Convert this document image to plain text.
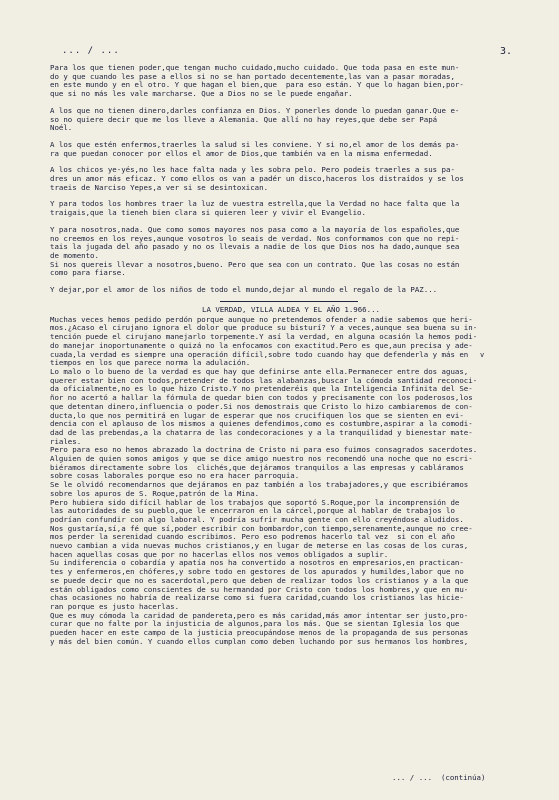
... / ...	3.

Para los que tienen poder,que tengan mucho cuidado,mucho cuidado. Que toda pasa en este mun-
do y que cuando les pase a ellos si no se han portado decentemente,las van a pasar moradas,
en este mundo y en el otro. Y que hagan el bien,que  para eso están. Y que lo hagan bien,por-
que si no más les vale marcharse. Que a Dios no se le puede engañar.

A los que no tienen dinero,darles confianza en Dios. Y ponerles donde lo puedan ganar.Que e-
so no quiere decir que me los lleve a Alemania. Que allí no hay reyes,que debe ser Papá
Noél.

A los que estén enfermos,traerles la salud si les conviene. Y si no,el amor de los demás pa-
ra que puedan conocer por ellos el amor de Dios,que también va en la misma enfermedad.

A los chicos ye-yés,no les hace falta nada y les sobra pelo. Pero podeis traerles a sus pa-
dres un amor más eficaz. Y como ellos os van a padér un disco,haceros los distraídos y se los
traeis de Narciso Yepes,a ver si se desintoxican.

Y para todos los hombres traer la luz de vuestra estrella,que la Verdad no hace falta que la
traigais,que la tieneh bien clara si quieren leer y vivir el Evangelio.

Y para nosotros,nada. Que como somos mayores nos pasa como a la mayoría de los españoles,que
no creemos en los reyes,aunque vosotros lo seais de verdad. Nos conformamos con que no repi-
tais la jugada del año pasado y no os llevais a nadie de los que Dios nos ha dado,aunque sea
de momento.
Si nos quereis llevar a nosotros,bueno. Pero que sea con un contrato. Que las cosas no están
como para fiarse.

Y dejar,por el amor de los niños de todo el mundo,dejar al mundo el regalo de la PAZ...

LA VERDAD, VILLA ALDEA Y EL AÑO 1.966...

Muchas veces hemos pedido perdón porque aunque no pretendemos ofender a nadie sabemos que heri-
mos.¿Acaso el cirujano ignora el dolor que produce su bisturí? Y a veces,aunque sea buena su in-
tención puede el cirujano manejarlo torpemente.Y así la verdad, en alguna ocasión la hemos podi-
do manejar inoportunamente o quizá no la enfocamos con exactitud.Pero es que,aun precisa y ade-
cuada,la verdad es siempre una operación difícil,sobre todo cuando hay que defenderla y más en
tiempos en los que parece norma la adulación.

Lo malo o lo bueno de la verdad es que hay que definirse ante ella.Permanecer entre dos aguas,
querer estar bien con todos,pretender de todos las alabanzas,buscar la cómoda santidad reconoci-
da oficialmente,no es lo que hizo Cristo.Y no pretenderéis que la Inteligencia Infinita del Se-
ñor no acertó a hallar la fórmula de quedar bien con todos y precisamente con los poderosos,los
que detentan dinero,influencia o poder.Si nos demostrais que Cristo lo hizo cambiaremos de con-
ducta,lo que nos permitirá en lugar de esperar que nos crucifiquen los que se sienten en evi-
dencia con el aplauso de los mismos a quienes defendimos,como es costumbre,aspirar a la comodi-
dad de las prebendas,a la chatarra de las condecoraciones y a la tranquilidad y bienestar mate-
riales.

Pero para eso no hemos abrazado la doctrina de Cristo ni para eso fuimos consagrados sacerdotes.
Alguien de quien somos amigos y que se dice amigo nuestro nos recomendó una noche que no escri-
biéramos directamente sobre los  clichés,que dejáramos tranquilos a las empresas y cabláramos
sobre cosas laborales porque eso no era hacer parroquia.
Se le olvidó recomendarnos que dejáramos en paz también a los trabajadores,y que escribiéramos
sobre los apuros de S. Roque,patrón de la Mina.
Pero hubiera sido difícil hablar de los trabajos que soportó S.Roque,por la incomprensión de
las autoridades de su pueblo,que le encerraron en la cárcel,porque al hablar de trabajos lo
podrían confundir con algo laboral. Y podría sufrir mucha gente con ello creyéndose aludidos.
Nos gustaría,sí,a fé que sí,poder escribir con bombardor,con tiempo,serenamente,aunque no cree-
mos perder la serenidad cuando escribimos. Pero eso podremos hacerlo tal vez  si con el año
nuevo cambian a vida nuevas muchos cristianos,y en lugar de meterse en las cosas de los curas,
hacen aquellas cosas que por no hacerlas ellos nos vemos obligados a suplir.
Su indiferencia o cobardía y apatía nos ha convertido a nosotros en empresarios,en practican-
tes y enfermeros,en chóferes,y sobre todo en gestores de los apurados y humildes,labor que no
se puede decir que no es sacerdotal,pero que deben de realizar todos los cristianos y a la que
están obligados como conscientes de su hermandad por Cristo con todos los hombres,y que en mu-
chas ocasiones no habría de realizarse como si fuera caridad,cuando los cristianos las hicie-
ran porque es justo hacerlas.

Que es muy cómoda la caridad de pandereta,pero es más caridad,más amor intentar ser justo,pro-
curar que no falte por la injusticia de algunos,para los más. Que se sientan Iglesia los que
pueden hacer en este campo de la justicia preocupándose menos de la propaganda de sus personas
y más del bien común. Y cuando ellos cumplan como deben luchando por sus hermanos los hombres,

v
... / ...  (continúa)
